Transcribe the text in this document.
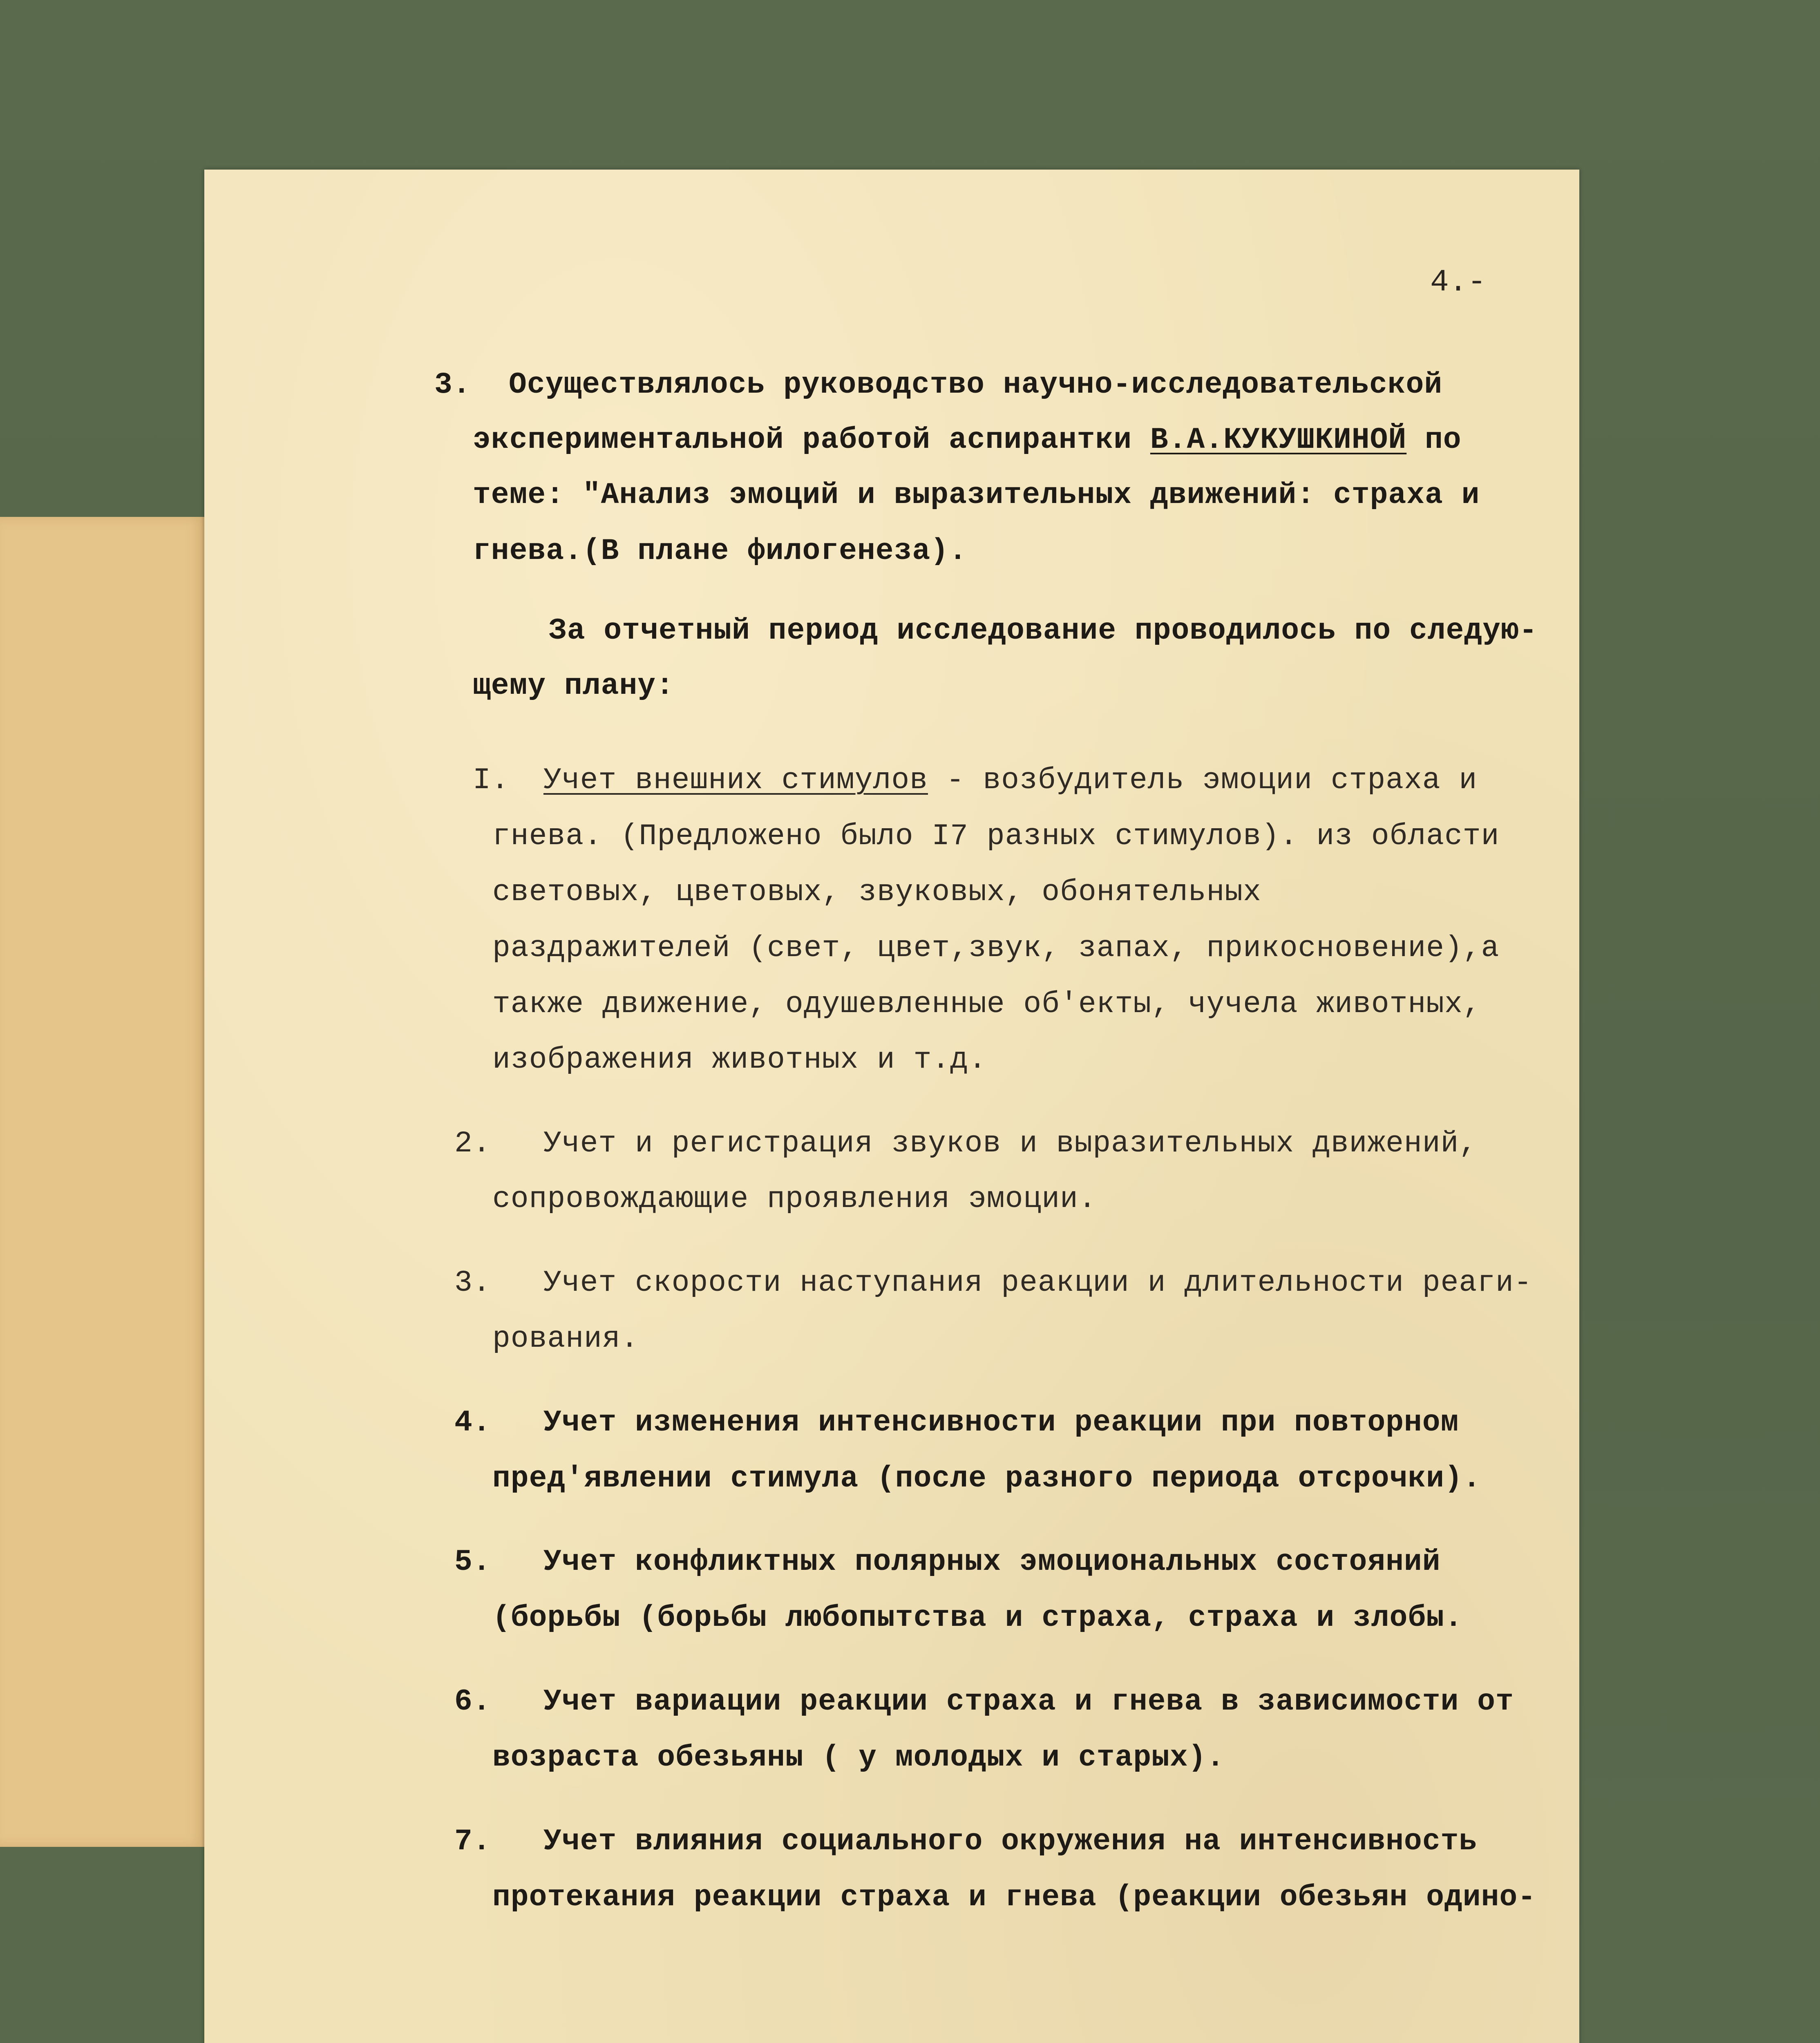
4.-
3. Осуществлялось руководство научно-исследовательской
экспериментальной работой аспирантки В.А.КУКУШКИНОЙ по
теме: "Анализ эмоций и выразительных движений: страха и
гнева.(В плане филогенеза).
За отчетный период исследование проводилось по следую-
щему плану:
I. Учет внешних стимулов - возбудитель эмоции страха и
гнева. (Предложено было I7 разных стимулов). из области
световых, цветовых, звуковых, обонятельных
раздражителей (свет, цвет,звук, запах, прикосновение),а
также движение, одушевленные об'екты, чучела животных,
изображения животных и т.д.
2. Учет и регистрация звуков и выразительных движений,
сопровождающие проявления эмоции.
3. Учет скорости наступания реакции и длительности реаги-
рования.
4. Учет изменения интенсивности реакции при повторном
пред'явлении стимула (после разного периода отсрочки).
5. Учет конфликтных полярных эмоциональных состояний
(борьбы (борьбы любопытства и страха, страха и злобы.
6. Учет вариации реакции страха и гнева в зависимости от
возраста обезьяны ( у молодых и старых).
7. Учет влияния социального окружения на интенсивность
протекания реакции страха и гнева (реакции обезьян одино-
